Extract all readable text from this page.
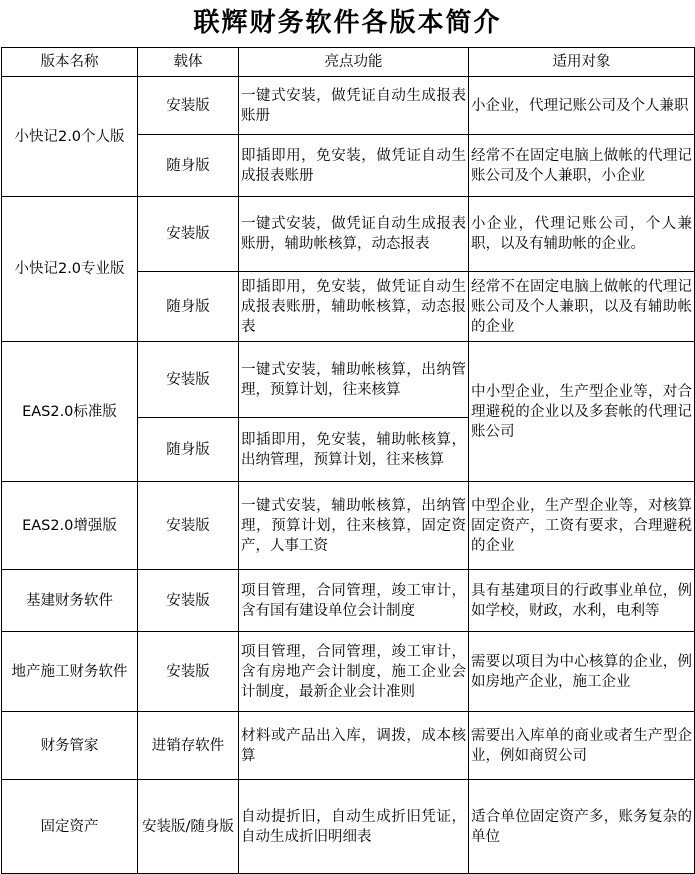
联辉财务软件各版本简介
版本名称	载体	亮点功能	适用对象
小快记2.0个人版	安装版	一键式安装，做凭证自动生成报表账册	小企业，代理记账公司及个人兼职
	随身版	即插即用，免安装，做凭证自动生成报表账册	经常不在固定电脑上做帐的代理记账公司及个人兼职，小企业
小快记2.0专业版	安装版	一键式安装，做凭证自动生成报表账册，辅助帐核算，动态报表	小企业，代理记账公司，个人兼职，以及有辅助帐的企业。
	随身版	即插即用，免安装，做凭证自动生成报表账册，辅助帐核算，动态报表	经常不在固定电脑上做帐的代理记账公司及个人兼职，以及有辅助帐的企业
EAS2.0标准版	安装版	一键式安装，辅助帐核算，出纳管理，预算计划，往来核算	中小型企业，生产型企业等，对合理避税的企业以及多套帐的代理记账公司
	随身版	即插即用，免安装，辅助帐核算，出纳管理，预算计划，往来核算	
EAS2.0增强版	安装版	一键式安装，辅助帐核算，出纳管理，预算计划，往来核算，固定资产，人事工资	中型企业，生产型企业等，对核算固定资产，工资有要求，合理避税的企业
基建财务软件	安装版	项目管理，合同管理，竣工审计，含有国有建设单位会计制度	具有基建项目的行政事业单位，例如学校，财政，水利，电利等
地产施工财务软件	安装版	项目管理，合同管理，竣工审计，含有房地产会计制度，施工企业会计制度，最新企业会计准则	需要以项目为中心核算的企业，例如房地产企业，施工企业
财务管家	进销存软件	材料或产品出入库，调拨，成本核算	需要出入库单的商业或者生产型企业，例如商贸公司
固定资产	安装版/随身版	自动提折旧，自动生成折旧凭证，自动生成折旧明细表	适合单位固定资产多，账务复杂的单位
